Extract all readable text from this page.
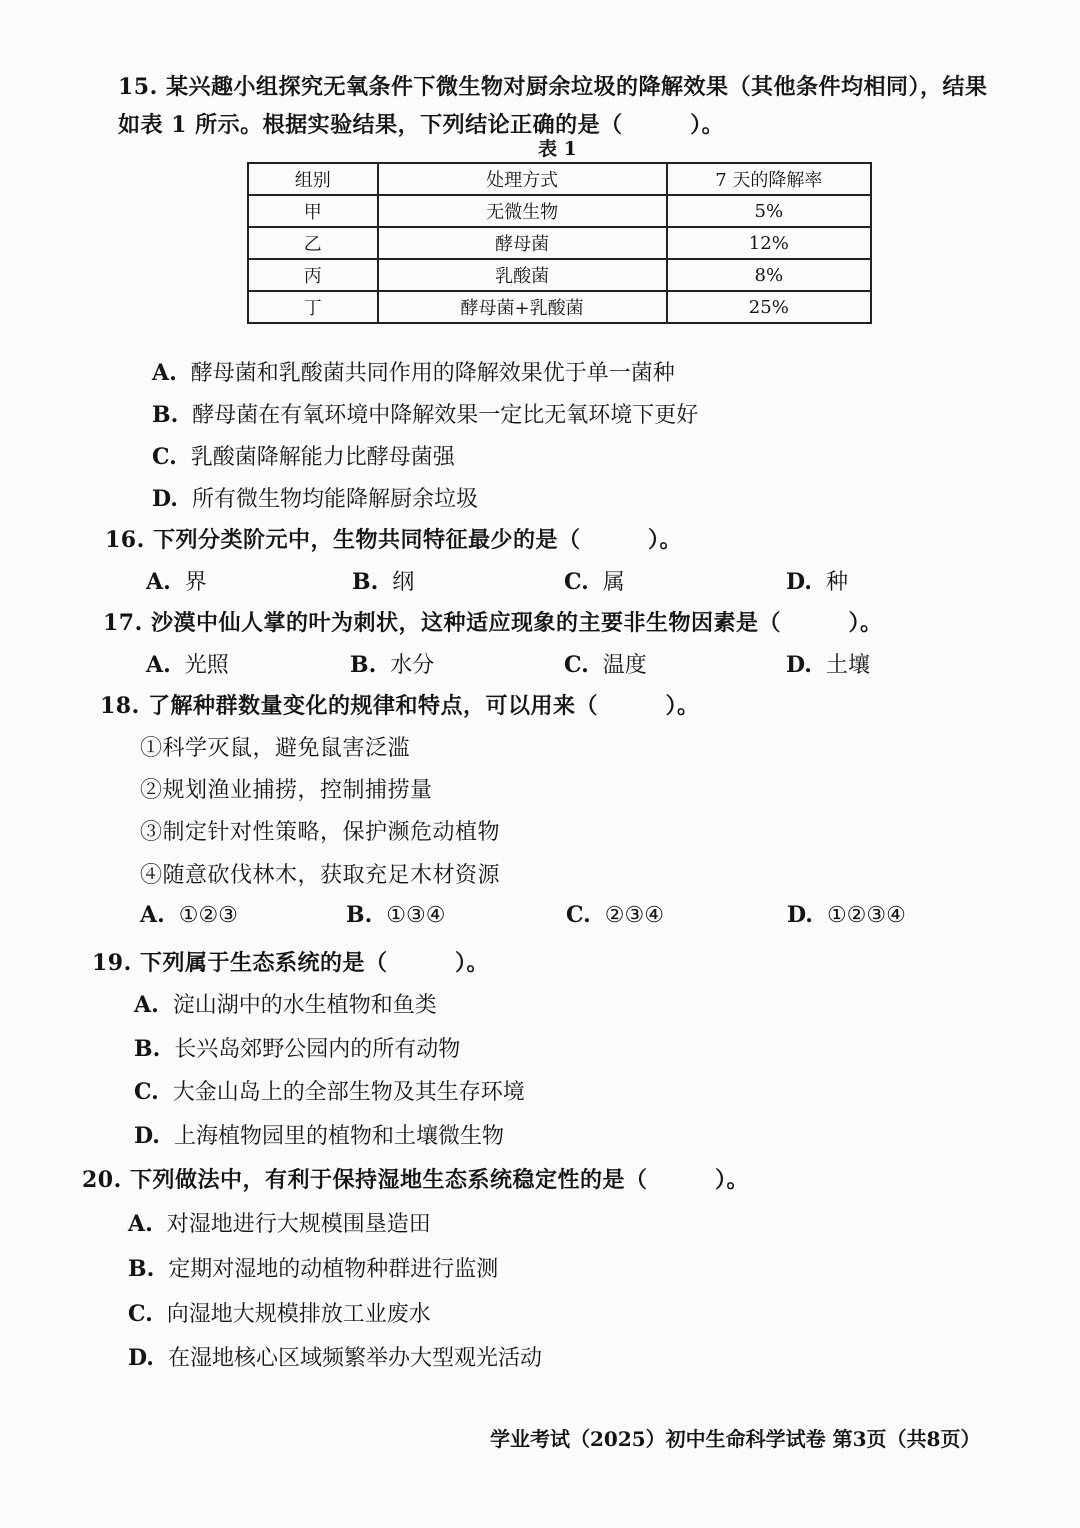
15. 某兴趣小组探究无氧条件下微生物对厨余垃圾的降解效果（其他条件均相同），结果
如表 1 所示。根据实验结果，下列结论正确的是（　　　）。
表 1
组别	处理方式	7 天的降解率
甲	无微生物	5%
乙	酵母菌	12%
丙	乳酸菌	8%
丁	酵母菌+乳酸菌	25%
A. 酵母菌和乳酸菌共同作用的降解效果优于单一菌种
B. 酵母菌在有氧环境中降解效果一定比无氧环境下更好
C. 乳酸菌降解能力比酵母菌强
D. 所有微生物均能降解厨余垃圾
16. 下列分类阶元中，生物共同特征最少的是（　　　）。
A. 界	B. 纲	C. 属	D. 种
17. 沙漠中仙人掌的叶为刺状，这种适应现象的主要非生物因素是（　　　）。
A. 光照	B. 水分	C. 温度	D. 土壤
18. 了解种群数量变化的规律和特点，可以用来（　　　）。
①科学灭鼠，避免鼠害泛滥
②规划渔业捕捞，控制捕捞量
③制定针对性策略，保护濒危动植物
④随意砍伐林木，获取充足木材资源
A. ①②③	B. ①③④	C. ②③④	D. ①②③④
19. 下列属于生态系统的是（　　　）。
A. 淀山湖中的水生植物和鱼类
B. 长兴岛郊野公园内的所有动物
C. 大金山岛上的全部生物及其生存环境
D. 上海植物园里的植物和土壤微生物
20. 下列做法中，有利于保持湿地生态系统稳定性的是（　　　）。
A. 对湿地进行大规模围垦造田
B. 定期对湿地的动植物种群进行监测
C. 向湿地大规模排放工业废水
D. 在湿地核心区域频繁举办大型观光活动
学业考试（2025）初中生命科学试卷 第3页（共8页）
